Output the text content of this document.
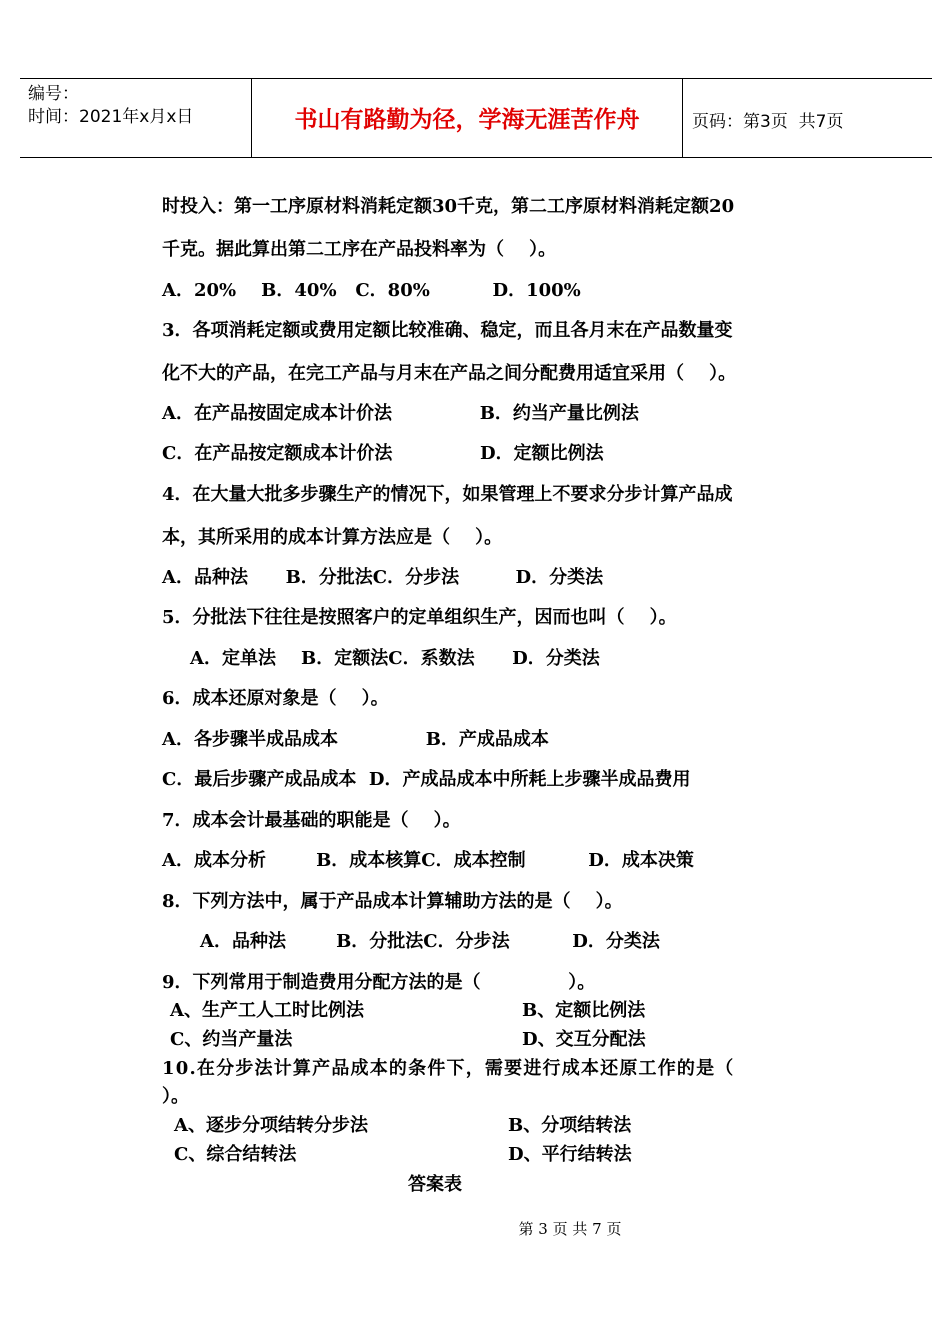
编号：
时间：2021年x月x日	书山有路勤为径，学海无涯苦作舟	页码：第3页  共7页
时投入：第一工序原材料消耗定额30千克，第二工序原材料消耗定额20
千克。据此算出第二工序在产品投料率为（    ）。
A．20%    B．40%   C．80%          D．100%
3．各项消耗定额或费用定额比较准确、稳定，而且各月末在产品数量变
化不大的产品，在完工产品与月末在产品之间分配费用适宜采用（    ）。
A．在产品按固定成本计价法              B．约当产量比例法
C．在产品按定额成本计价法              D．定额比例法
4．在大量大批多步骤生产的情况下，如果管理上不要求分步计算产品成
本，其所采用的成本计算方法应是（    ）。
A．品种法      B．分批法C．分步法         D．分类法
5．分批法下往往是按照客户的定单组织生产，因而也叫（    ）。
A．定单法    B．定额法C．系数法      D．分类法
6．成本还原对象是（    ）。
A．各步骤半成品成本              B．产成品成本
C．最后步骤产成品成本  D．产成品成本中所耗上步骤半成品费用
7．成本会计最基础的职能是（    ）。
A．成本分析        B．成本核算C．成本控制          D．成本决策
8．下列方法中，属于产品成本计算辅助方法的是（    ）。
A．品种法        B．分批法C．分步法          D．分类法
9．下列常用于制造费用分配方法的是（              ）。
A、生产工人工时比例法	B、定额比例法
C、约当产量法	D、交互分配法
10.在分步法计算产品成本的条件下，需要进行成本还原工作的是（
）。
A、逐步分项结转分步法	B、分项结转法
C、综合结转法	D、平行结转法
答案表
第 3 页 共 7 页
